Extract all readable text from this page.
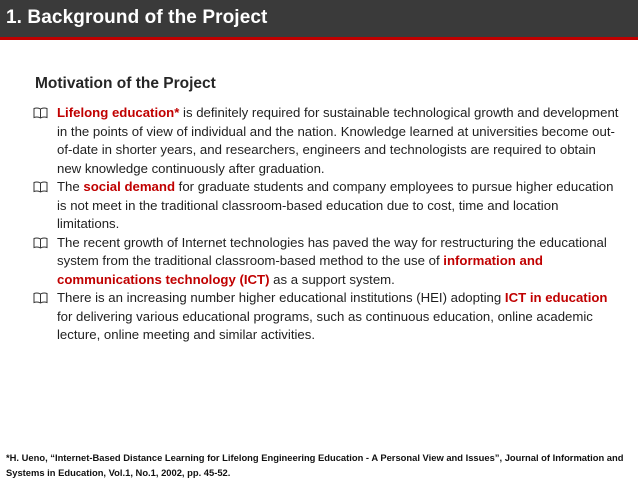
1. Background of the Project
Motivation of the Project
Lifelong education* is definitely required for sustainable technological growth and development in the points of view of individual and the nation. Knowledge learned at universities become out-of-date in shorter years, and researchers, engineers and technologists are required to obtain new knowledge continuously after graduation.
The social demand for graduate students and company employees to pursue higher education is not meet in the traditional classroom-based education due to cost, time and location limitations.
The recent growth of Internet technologies has paved the way for restructuring the educational system from the traditional classroom-based method to the use of information and communications technology (ICT) as a support system.
There is an increasing number higher educational institutions (HEI) adopting ICT in education for delivering various educational programs, such as continuous education, online academic lecture, online meeting and similar activities.
*H. Ueno, “Internet-Based Distance Learning for Lifelong Engineering Education - A Personal View and Issues”, Journal of Information and Systems in Education, Vol.1, No.1, 2002, pp. 45-52.
